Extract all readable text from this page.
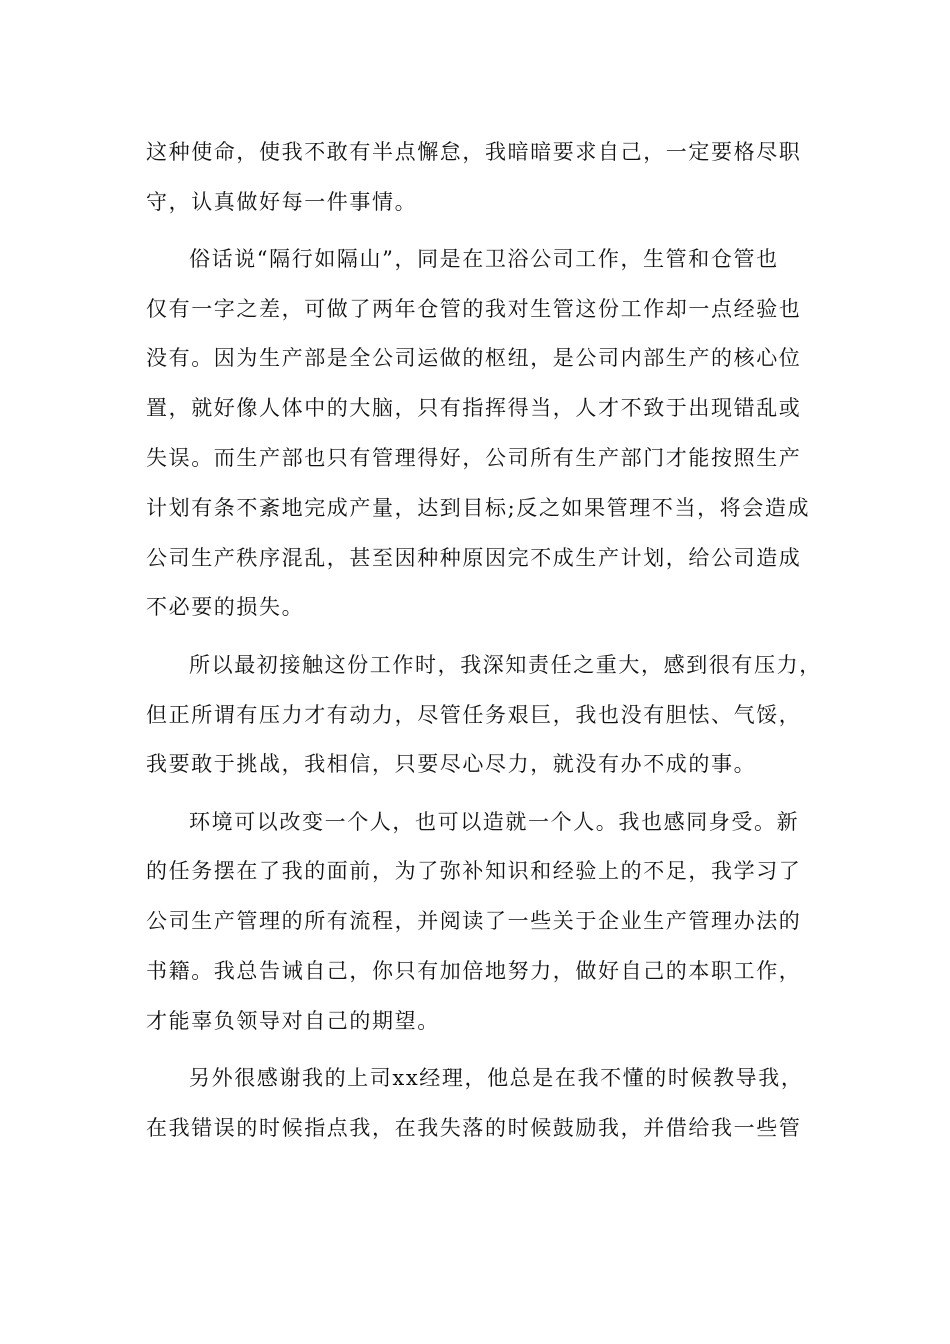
这种使命，使我不敢有半点懈怠，我暗暗要求自己，一定要格尽职
守，认真做好每一件事情。
俗话说“隔行如隔山”，同是在卫浴公司工作，生管和仓管也
仅有一字之差，可做了两年仓管的我对生管这份工作却一点经验也
没有。因为生产部是全公司运做的枢纽，是公司内部生产的核心位
置，就好像人体中的大脑，只有指挥得当，人才不致于出现错乱或
失误。而生产部也只有管理得好，公司所有生产部门才能按照生产
计划有条不紊地完成产量，达到目标;反之如果管理不当，将会造成
公司生产秩序混乱，甚至因种种原因完不成生产计划，给公司造成
不必要的损失。
所以最初接触这份工作时，我深知责任之重大，感到很有压力，
但正所谓有压力才有动力，尽管任务艰巨，我也没有胆怯、气馁，
我要敢于挑战，我相信，只要尽心尽力，就没有办不成的事。
环境可以改变一个人，也可以造就一个人。我也感同身受。新
的任务摆在了我的面前，为了弥补知识和经验上的不足，我学习了
公司生产管理的所有流程，并阅读了一些关于企业生产管理办法的
书籍。我总告诫自己，你只有加倍地努力，做好自己的本职工作，
才能辜负领导对自己的期望。
另外很感谢我的上司xx经理，他总是在我不懂的时候教导我，
在我错误的时候指点我，在我失落的时候鼓励我，并借给我一些管
